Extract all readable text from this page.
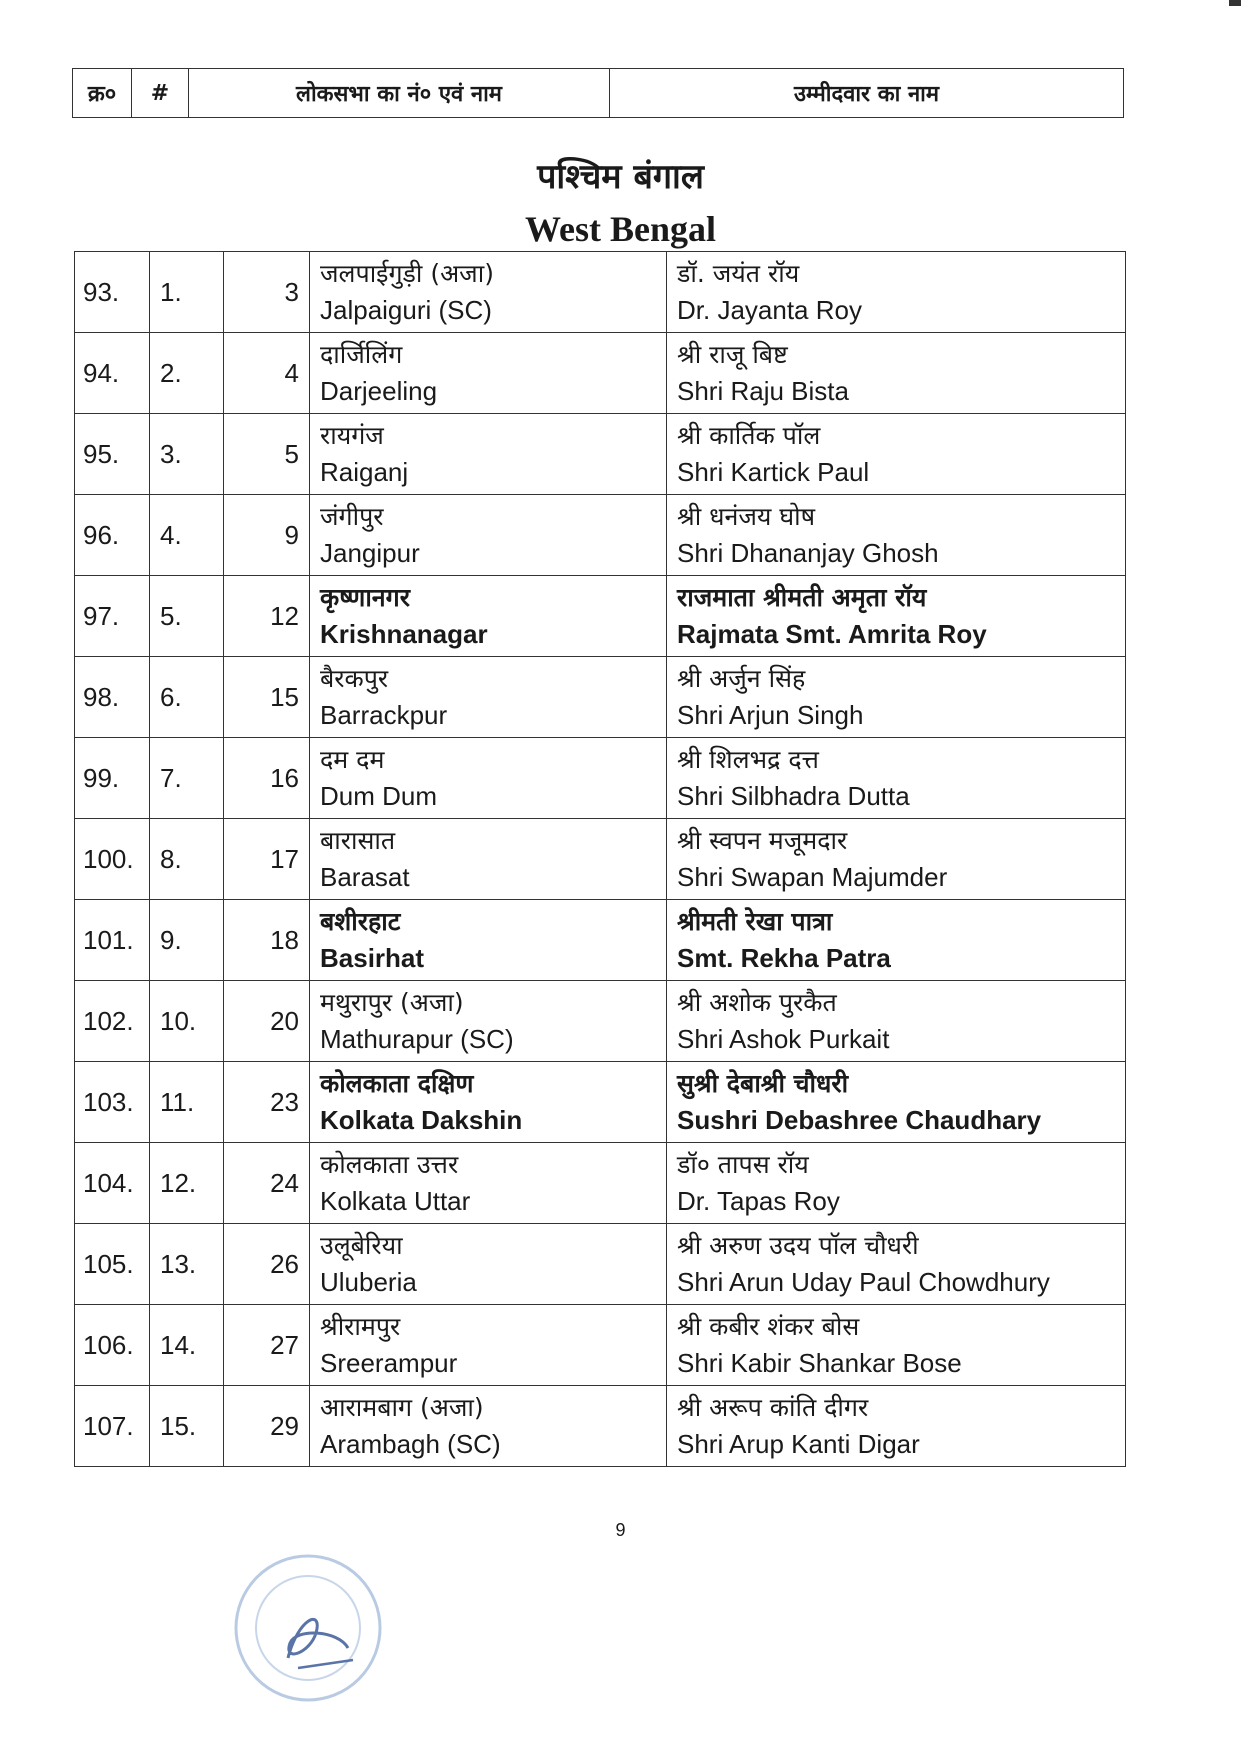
क्र०	#	लोकसभा का नं० एवं नाम	उम्मीदवार का नाम
पश्चिम बंगाल
West Bengal
93.	1.	3	जलपाईगुड़ी (अजा)
Jalpaiguri (SC)	डॉ. जयंत रॉय
Dr. Jayanta Roy

94.	2.	4	दार्जिलिंग
Darjeeling	श्री राजू बिष्ट
Shri Raju Bista

95.	3.	5	रायगंज
Raiganj	श्री कार्तिक पॉल
Shri Kartick Paul

96.	4.	9	जंगीपुर
Jangipur	श्री धनंजय घोष
Shri Dhananjay Ghosh

97.	5.	12	कृष्णानगर
Krishnanagar	राजमाता श्रीमती अमृता रॉय
Rajmata Smt. Amrita Roy

98.	6.	15	बैरकपुर
Barrackpur	श्री अर्जुन सिंह
Shri Arjun Singh

99.	7.	16	दम दम
Dum Dum	श्री शिलभद्र दत्त
Shri Silbhadra Dutta

100.	8.	17	बारासात
Barasat	श्री स्वपन मजूमदार
Shri Swapan Majumder

101.	9.	18	बशीरहाट
Basirhat	श्रीमती रेखा पात्रा
Smt. Rekha Patra

102.	10.	20	मथुरापुर (अजा)
Mathurapur (SC)	श्री अशोक पुरकैत
Shri Ashok Purkait

103.	11.	23	कोलकाता दक्षिण
Kolkata Dakshin	सुश्री देबाश्री चौधरी
Sushri Debashree Chaudhary

104.	12.	24	कोलकाता उत्तर
Kolkata Uttar	डॉ० तापस रॉय
Dr. Tapas Roy

105.	13.	26	उलूबेरिया
Uluberia	श्री अरुण उदय पॉल चौधरी
Shri Arun Uday Paul Chowdhury

106.	14.	27	श्रीरामपुर
Sreerampur	श्री कबीर शंकर बोस
Shri Kabir Shankar Bose

107.	15.	29	आरामबाग (अजा)
Arambagh (SC)	श्री अरूप कांति दीगर
Shri Arup Kanti Digar
9
